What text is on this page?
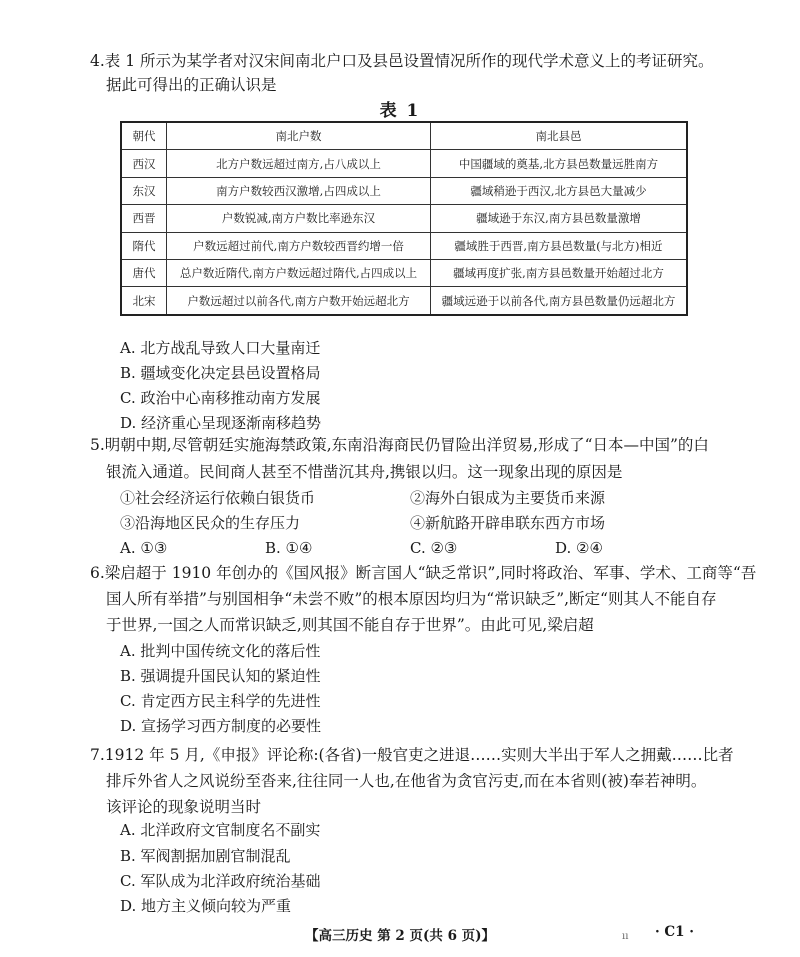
4.表 1 所示为某学者对汉宋间南北户口及县邑设置情况所作的现代学术意义上的考证研究。
据此可得出的正确认识是
表 1
朝代	南北户数	南北县邑
西汉	北方户数远超过南方,占八成以上	中国疆域的奠基,北方县邑数量远胜南方
东汉	南方户数较西汉激增,占四成以上	疆域稍逊于西汉,北方县邑大量减少
西晋	户数锐减,南方户数比率逊东汉	疆域逊于东汉,南方县邑数量激增
隋代	户数远超过前代,南方户数较西晋约增一倍	疆域胜于西晋,南方县邑数量(与北方)相近
唐代	总户数近隋代,南方户数远超过隋代,占四成以上	疆域再度扩张,南方县邑数量开始超过北方
北宋	户数远超过以前各代,南方户数开始远超北方	疆域远逊于以前各代,南方县邑数量仍远超北方
A. 北方战乱导致人口大量南迁
B. 疆域变化决定县邑设置格局
C. 政治中心南移推动南方发展
D. 经济重心呈现逐渐南移趋势
5.明朝中期,尽管朝廷实施海禁政策,东南沿海商民仍冒险出洋贸易,形成了“日本—中国”的白
银流入通道。民间商人甚至不惜凿沉其舟,携银以归。这一现象出现的原因是
①社会经济运行依赖白银货币	②海外白银成为主要货币来源
③沿海地区民众的生存压力	④新航路开辟串联东西方市场
A. ①③	B. ①④	C. ②③	D. ②④
6.梁启超于 1910 年创办的《国风报》断言国人“缺乏常识”,同时将政治、军事、学术、工商等“吾
国人所有举措”与别国相争“未尝不败”的根本原因均归为“常识缺乏”,断定“则其人不能自存
于世界,一国之人而常识缺乏,则其国不能自存于世界”。由此可见,梁启超
A. 批判中国传统文化的落后性
B. 强调提升国民认知的紧迫性
C. 肯定西方民主科学的先进性
D. 宣扬学习西方制度的必要性
7.1912 年 5 月,《申报》评论称:(各省)一般官吏之进退……实则大半出于军人之拥戴……比者
排斥外省人之风说纷至沓来,往往同一人也,在他省为贪官污吏,而在本省则(被)奉若神明。
该评论的现象说明当时
A. 北洋政府文官制度名不副实
B. 军阀割据加剧官制混乱
C. 军队成为北洋政府统治基础
D. 地方主义倾向较为严重
【高三历史 第 2 页(共 6 页)】	ıı · C1 ·
